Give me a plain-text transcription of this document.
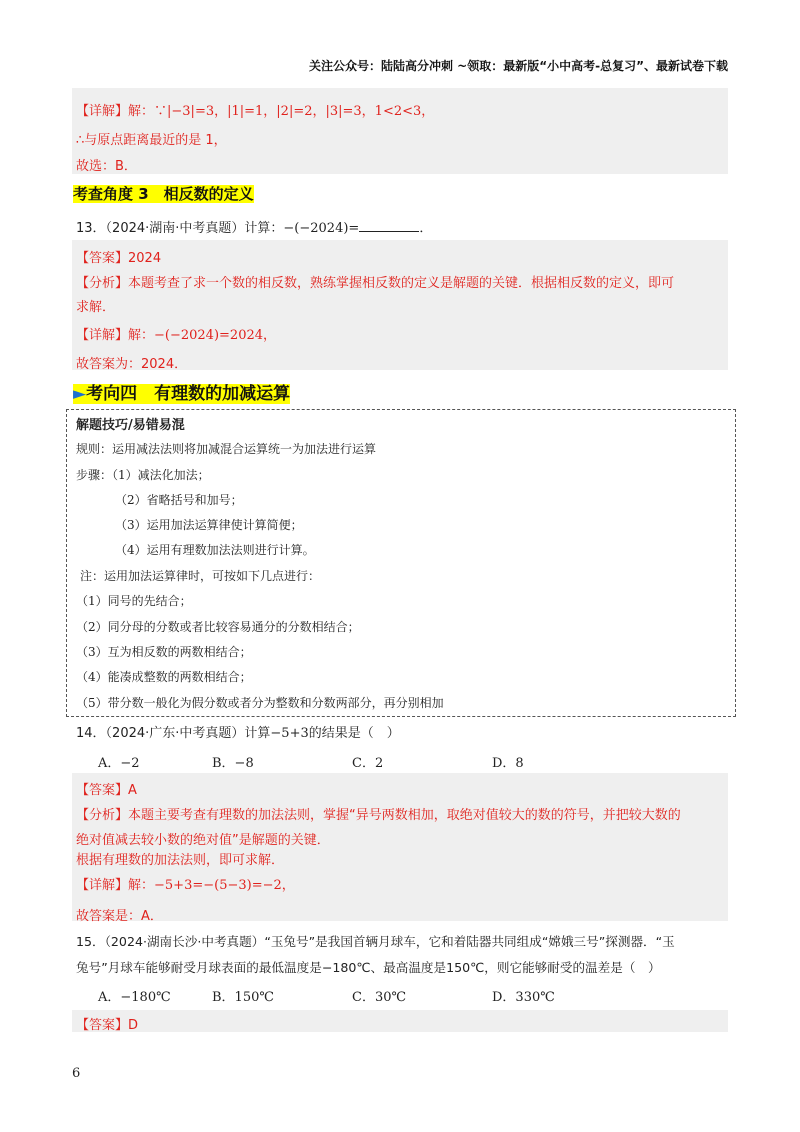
关注公众号：陆陆高分冲刺 ~领取：最新版“小中高考-总复习”、最新试卷下载
【详解】解：∵|−3|=3，|1|=1，|2|=2，|3|=3，1<2<3，
∴与原点距离最近的是 1，
故选：B．
考查角度 3　相反数的定义
13．（2024·湖南·中考真题）计算：−(−2024)=	．
【答案】2024
【分析】本题考查了求一个数的相反数，熟练掌握相反数的定义是解题的关键．根据相反数的定义，即可
求解．
【详解】解：−(−2024)=2024，
故答案为：2024．
►考向四　有理数的加减运算
解题技巧/易错易混
规则：运用减法法则将加减混合运算统一为加法进行运算
步骤：（1）减法化加法；
（2）省略括号和加号；
（3）运用加法运算律使计算简便；
（4）运用有理数加法法则进行计算。
注：运用加法运算律时，可按如下几点进行：
（1）同号的先结合；
（2）同分母的分数或者比较容易通分的分数相结合；
（3）互为相反数的两数相结合；
（4）能凑成整数的两数相结合；
（5）带分数一般化为假分数或者分为整数和分数两部分，再分别相加
14．（2024·广东·中考真题）计算−5+3的结果是（　）
A．−2	B．−8	C．2	D．8
【答案】A
【分析】本题主要考查有理数的加法法则，掌握“异号两数相加，取绝对值较大的数的符号，并把较大数的
绝对值减去较小数的绝对值”是解题的关键．
根据有理数的加法法则，即可求解．
【详解】解：−5+3=−(5−3)=−2，
故答案是：A．
15．（2024·湖南长沙·中考真题）“玉兔号”是我国首辆月球车，它和着陆器共同组成“嫦娥三号”探测器．“玉
兔号”月球车能够耐受月球表面的最低温度是−180℃、最高温度是150℃，则它能够耐受的温差是（　）
A．−180℃	B．150℃	C．30℃	D．330℃
【答案】D
6
